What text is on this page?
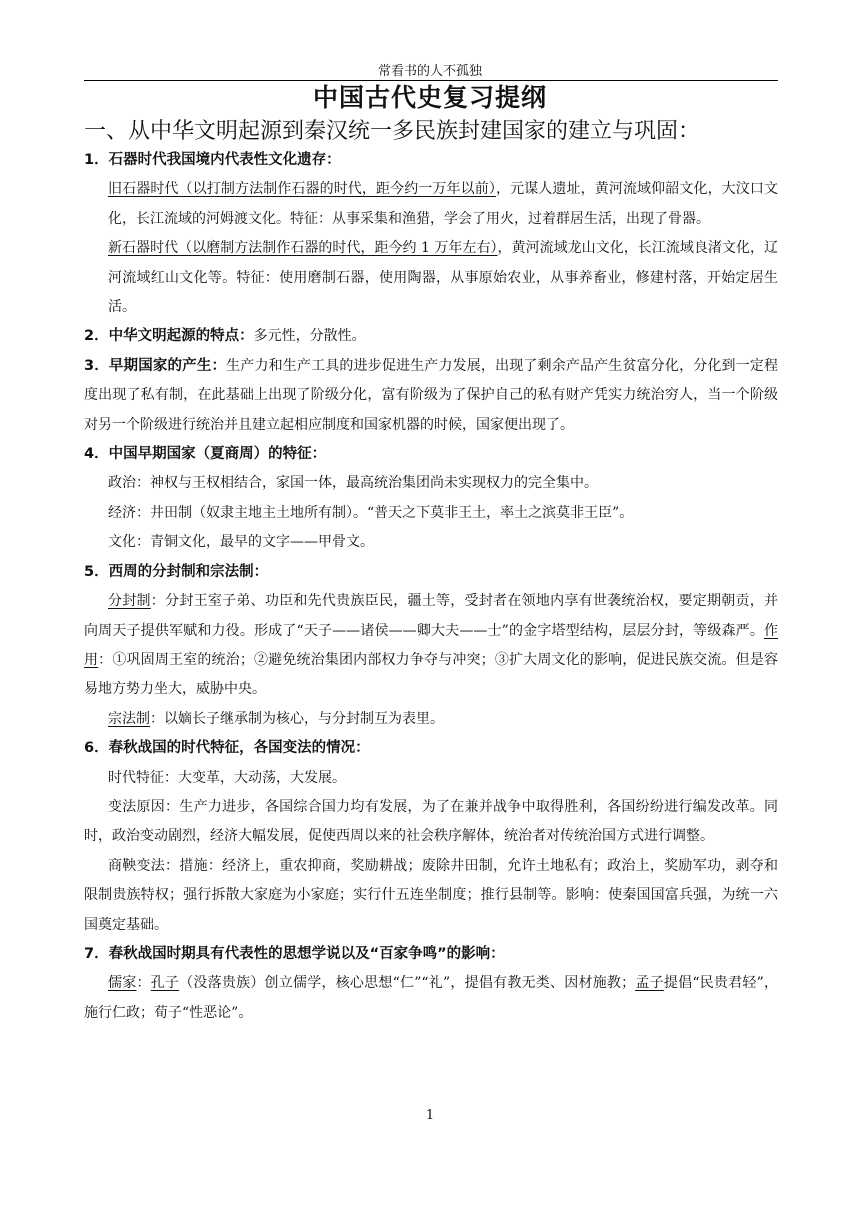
常看书的人不孤独
中国古代史复习提纲
一、从中华文明起源到秦汉统一多民族封建国家的建立与巩固：

1．石器时代我国境内代表性文化遗存：

旧石器时代（以打制方法制作石器的时代，距今约一万年以前），元谋人遗址，黄河流域仰韶文化，大汶口文化，长江流域的河姆渡文化。特征：从事采集和渔猎，学会了用火，过着群居生活，出现了骨器。

新石器时代（以磨制方法制作石器的时代，距今约 1 万年左右），黄河流域龙山文化，长江流域良渚文化，辽河流域红山文化等。特征：使用磨制石器，使用陶器，从事原始农业，从事养畜业，修建村落，开始定居生活。

2．中华文明起源的特点：多元性，分散性。

3．早期国家的产生：生产力和生产工具的进步促进生产力发展，出现了剩余产品产生贫富分化，分化到一定程度出现了私有制，在此基础上出现了阶级分化，富有阶级为了保护自己的私有财产凭实力统治穷人，当一个阶级对另一个阶级进行统治并且建立起相应制度和国家机器的时候，国家便出现了。

4．中国早期国家（夏商周）的特征：

政治：神权与王权相结合，家国一体，最高统治集团尚未实现权力的完全集中。

经济：井田制（奴隶主地主土地所有制）。“普天之下莫非王土，率土之滨莫非王臣”。

文化：青铜文化，最早的文字——甲骨文。

5．西周的分封制和宗法制：

分封制：分封王室子弟、功臣和先代贵族臣民，疆土等，受封者在领地内享有世袭统治权，要定期朝贡，并向周天子提供军赋和力役。形成了“天子——诸侯——卿大夫——士”的金字塔型结构，层层分封，等级森严。作用：①巩固周王室的统治；②避免统治集团内部权力争夺与冲突；③扩大周文化的影响，促进民族交流。但是容易地方势力坐大，威胁中央。

宗法制：以嫡长子继承制为核心，与分封制互为表里。

6．春秋战国的时代特征，各国变法的情况：

时代特征：大变革，大动荡，大发展。

变法原因：生产力进步，各国综合国力均有发展，为了在兼并战争中取得胜利，各国纷纷进行编发改革。同时，政治变动剧烈，经济大幅发展，促使西周以来的社会秩序解体，统治者对传统治国方式进行调整。

商鞅变法：措施：经济上，重农抑商，奖励耕战；废除井田制，允许土地私有；政治上，奖励军功，剥夺和限制贵族特权；强行拆散大家庭为小家庭；实行什五连坐制度；推行县制等。影响：使秦国国富兵强，为统一六国奠定基础。

7．春秋战国时期具有代表性的思想学说以及“百家争鸣”的影响：

儒家：孔子（没落贵族）创立儒学，核心思想“仁”“礼”，提倡有教无类、因材施教；孟子提倡“民贵君轻”，施行仁政；荀子“性恶论”。

1
